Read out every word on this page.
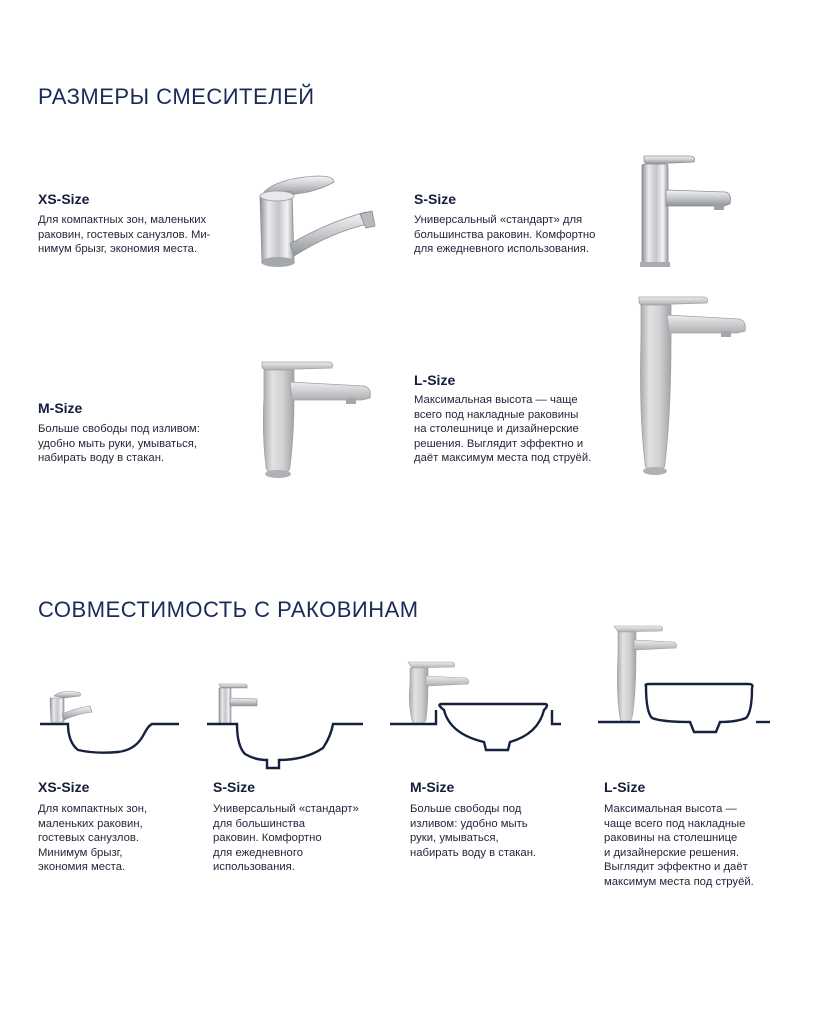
РАЗМЕРЫ СМЕСИТЕЛЕЙ
XS-Size

Для компактных зон, маленьких
раковин, гостевых санузлов. Ми-
нимум брызг, экономия места.

S-Size

Универсальный «стандарт» для
большинства раковин. Комфортно
для ежедневного использования.

M-Size

Больше свободы под изливом:
удобно мыть руки, умываться,
набирать воду в стакан.

L-Size

Максимальная высота — чаще
всего под накладные раковины
на столешнице и дизайнерские
решения. Выглядит эффектно и
даёт максимум места под струёй.

СОВМЕСТИМОСТЬ С РАКОВИНАМ
XS-Size

Для компактных зон,
маленьких раковин,
гостевых санузлов.
Минимум брызг,
экономия места.

S-Size

Универсальный «стандарт»
для большинства
раковин. Комфортно
для ежедневного
использования.

M-Size

Больше свободы под
изливом: удобно мыть
руки, умываться,
набирать воду в стакан.

L-Size

Максимальная высота —
чаще всего под накладные
раковины на столешнице
и дизайнерские решения.
Выглядит эффектно и даёт
максимум места под струёй.
